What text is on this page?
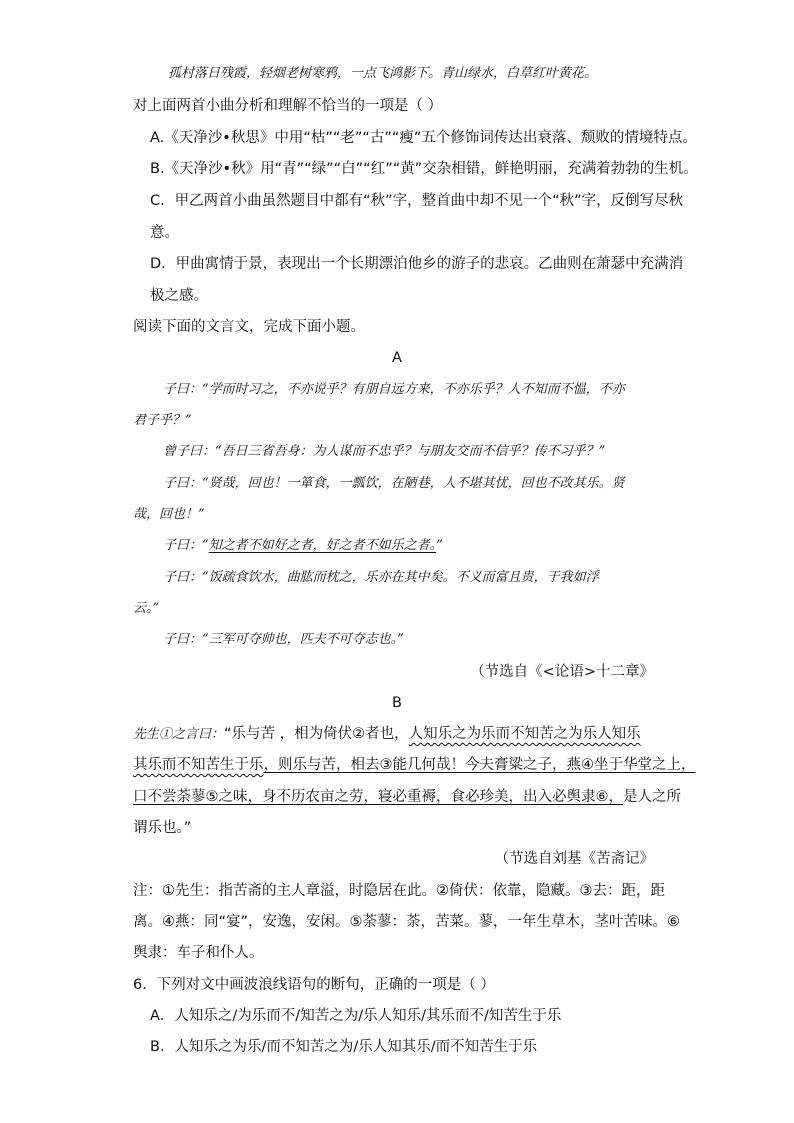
孤村落日残霞，轻烟老树寒鸦，一点飞鸿影下。青山绿水，白草红叶黄花。
对上面两首小曲分析和理解不恰当的一项是（ ）
A.《天净沙•秋思》中用“枯”“老”“古”“瘦”五个修饰词传达出衰落、颓败的情境特点。
B.《天净沙•秋》用“青”“绿”“白”“红”“黄”交杂相错，鲜艳明丽，充满着勃勃的生机。
C．甲乙两首小曲虽然题目中都有“秋”字，整首曲中却不见一个“秋”字，反倒写尽秋
意。
D．甲曲寓情于景，表现出一个长期漂泊他乡的游子的悲哀。乙曲则在萧瑟中充满消
极之感。
阅读下面的文言文，完成下面小题。
A
子曰：“学而时习之，不亦说乎？有朋自远方来，不亦乐乎？人不知而不愠，不亦
君子乎？”
曾子曰：“吾日三省吾身：为人谋而不忠乎？与朋友交而不信乎？传不习乎？”
子曰：“贤哉，回也！一箪食，一瓢饮，在陋巷，人不堪其忧，回也不改其乐。贤
哉，回也！”
子曰：“知之者不如好之者，好之者不如乐之者。”
子曰：“饭疏食饮水，曲肱而枕之，乐亦在其中矣。不义而富且贵，于我如浮
云。”
子曰：“三军可夺帅也，匹夫不可夺志也。”
（节选自《<论语>十二章》
B
先生①之言曰：“乐与苦 ，相为倚伏②者也，人知乐之为乐而不知苦之为乐人知乐
其乐而不知苦生于乐，则乐与苦，相去③能几何哉！今夫膏粱之子，燕④坐于华堂之上，
口不尝荼蓼⑤之味，身不历农亩之劳，寝必重褥，食必珍美，出入必舆隶⑥，是人之所
谓乐也。”
（节选自刘基《苦斋记》
注：①先生：指苦斋的主人章溢，时隐居在此。②倚伏：依靠，隐藏。③去：距，距
离。④燕：同“宴”，安逸，安闲。⑤荼蓼：荼，苦菜。蓼，一年生草木，茎叶苦味。⑥
舆隶：车子和仆人。
6．下列对文中画波浪线语句的断句，正确的一项是（ ）
A．人知乐之/为乐而不/知苦之为/乐人知乐/其乐而不/知苦生于乐
B．人知乐之为乐/而不知苦之为/乐人知其乐/而不知苦生于乐
